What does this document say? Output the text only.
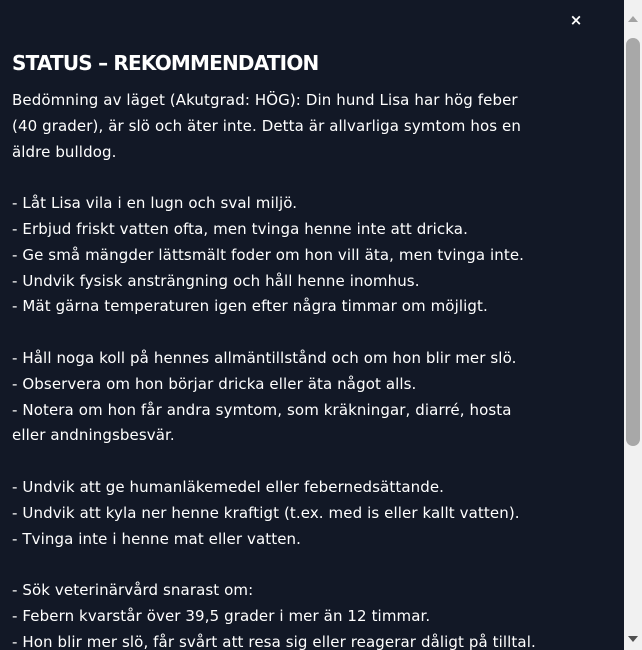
×
STATUS – REKOMMENDATION
Bedömning av läget (Akutgrad: HÖG): Din hund Lisa har hög feber
(40 grader), är slö och äter inte. Detta är allvarliga symtom hos en
äldre bulldog.
- Låt Lisa vila i en lugn och sval miljö.
- Erbjud friskt vatten ofta, men tvinga henne inte att dricka.
- Ge små mängder lättsmält foder om hon vill äta, men tvinga inte.
- Undvik fysisk ansträngning och håll henne inomhus.
- Mät gärna temperaturen igen efter några timmar om möjligt.
- Håll noga koll på hennes allmäntillstånd och om hon blir mer slö.
- Observera om hon börjar dricka eller äta något alls.
- Notera om hon får andra symtom, som kräkningar, diarré, hosta
eller andningsbesvär.
- Undvik att ge humanläkemedel eller febernedsättande.
- Undvik att kyla ner henne kraftigt (t.ex. med is eller kallt vatten).
- Tvinga inte i henne mat eller vatten.
- Sök veterinärvård snarast om:
- Febern kvarstår över 39,5 grader i mer än 12 timmar.
- Hon blir mer slö, får svårt att resa sig eller reagerar dåligt på tilltal.
